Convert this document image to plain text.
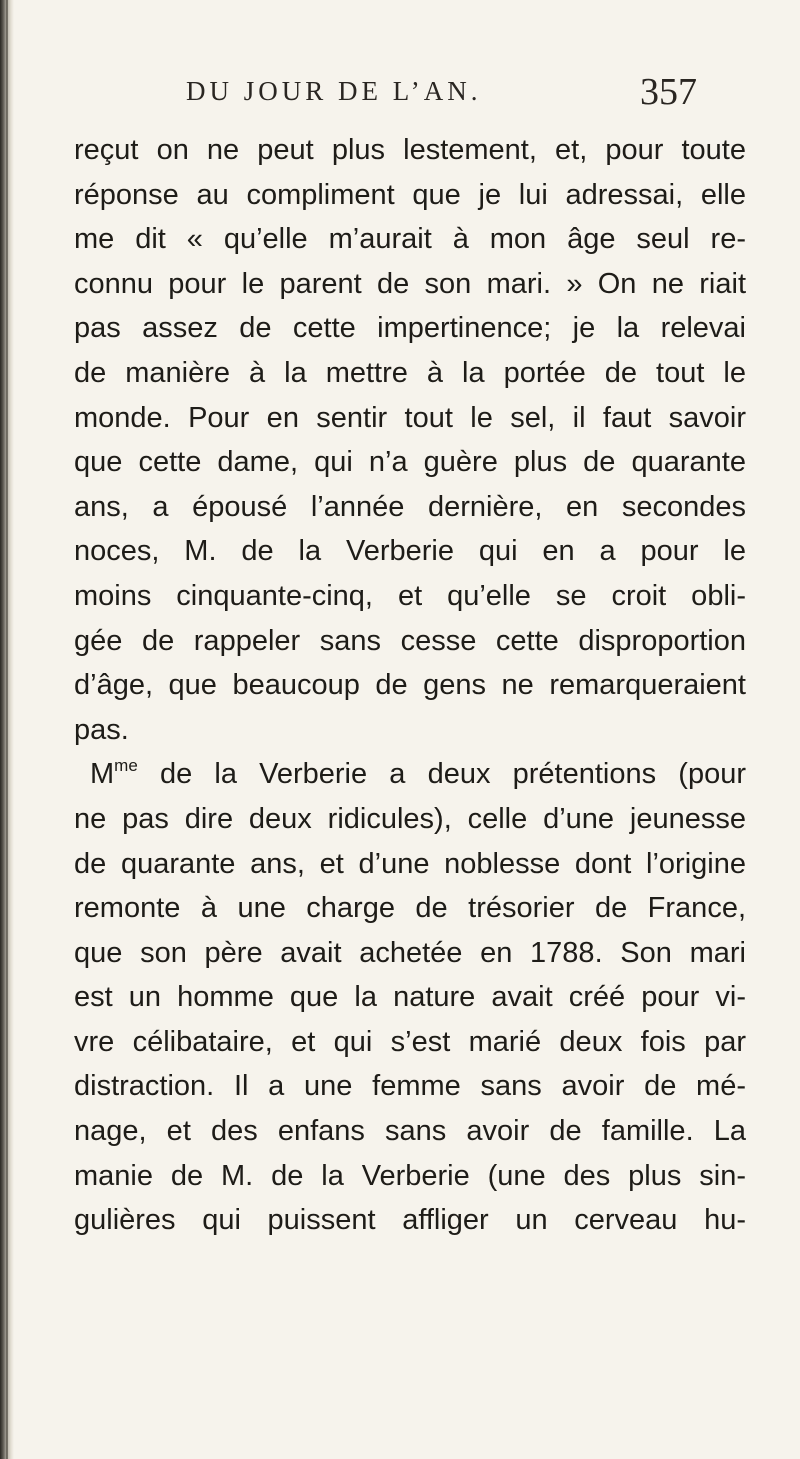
DU JOUR DE L’AN.	357
reçut on ne peut plus lestement, et, pour toute
réponse au compliment que je lui adressai, elle
me dit « qu’elle m’aurait à mon âge seul re-
connu pour le parent de son mari. » On ne riait
pas assez de cette impertinence; je la relevai
de manière à la mettre à la portée de tout le
monde. Pour en sentir tout le sel, il faut savoir
que cette dame, qui n’a guère plus de quarante
ans, a épousé l’année dernière, en secondes
noces, M. de la Verberie qui en a pour le
moins cinquante-cinq, et qu’elle se croit obli-
gée de rappeler sans cesse cette disproportion
d’âge, que beaucoup de gens ne remarqueraient
pas.
$M^{me}$ de la Verberie a deux prétentions (pour
ne pas dire deux ridicules), celle d’une jeunesse
de quarante ans, et d’une noblesse dont l’origine
remonte à une charge de trésorier de France,
que son père avait achetée en 1788. Son mari
est un homme que la nature avait créé pour vi-
vre célibataire, et qui s’est marié deux fois par
distraction. Il a une femme sans avoir de mé-
nage, et des enfans sans avoir de famille. La
manie de M. de la Verberie (une des plus sin-
gulières qui puissent affliger un cerveau hu-
